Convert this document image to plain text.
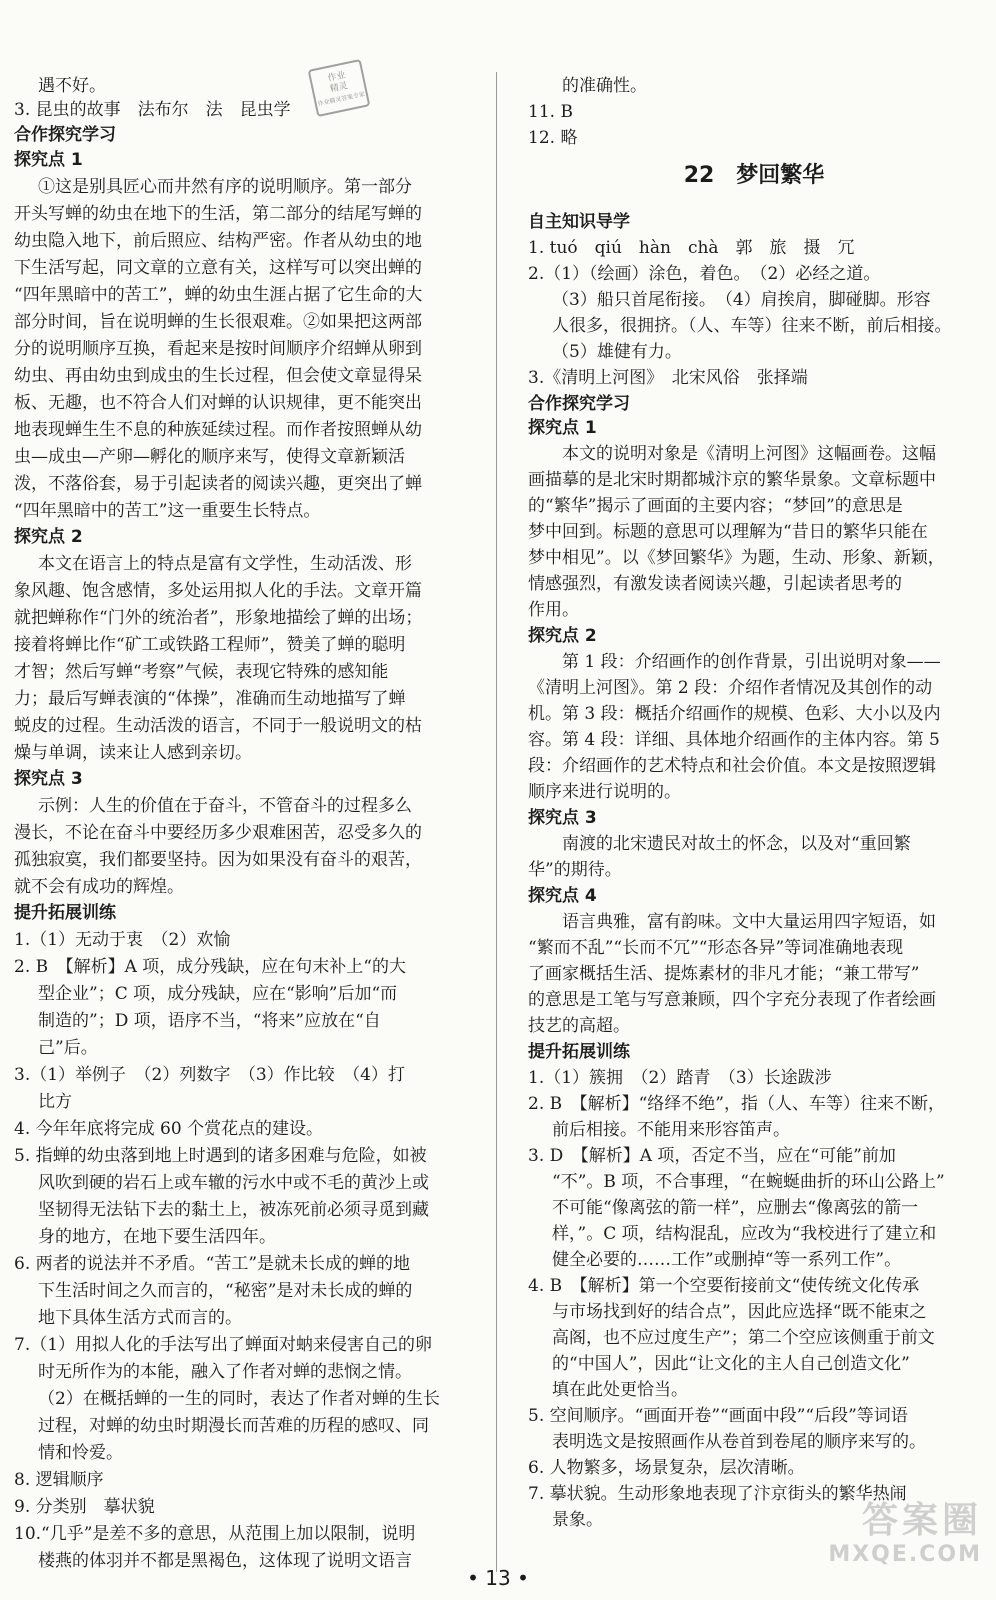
遇不好。
3. 昆虫的故事　法布尔　法　昆虫学
合作探究学习
探究点 1
①这是别具匠心而井然有序的说明顺序。第一部分
开头写蝉的幼虫在地下的生活，第二部分的结尾写蝉的
幼虫隐入地下，前后照应、结构严密。作者从幼虫的地
下生活写起，同文章的立意有关，这样写可以突出蝉的
“四年黑暗中的苦工”，蝉的幼虫生涯占据了它生命的大
部分时间，旨在说明蝉的生长很艰难。②如果把这两部
分的说明顺序互换，看起来是按时间顺序介绍蝉从卵到
幼虫、再由幼虫到成虫的生长过程，但会使文章显得呆
板、无趣，也不符合人们对蝉的认识规律，更不能突出
地表现蝉生生不息的种族延续过程。而作者按照蝉从幼
虫—成虫—产卵—孵化的顺序来写，使得文章新颖活
泼，不落俗套，易于引起读者的阅读兴趣，更突出了蝉
“四年黑暗中的苦工”这一重要生长特点。
探究点 2
本文在语言上的特点是富有文学性，生动活泼、形
象风趣、饱含感情，多处运用拟人化的手法。文章开篇
就把蝉称作“门外的统治者”，形象地描绘了蝉的出场；
接着将蝉比作“矿工或铁路工程师”，赞美了蝉的聪明
才智；然后写蝉“考察”气候，表现它特殊的感知能
力；最后写蝉表演的“体操”，准确而生动地描写了蝉
蜕皮的过程。生动活泼的语言，不同于一般说明文的枯
燥与单调，读来让人感到亲切。
探究点 3
示例：人生的价值在于奋斗，不管奋斗的过程多么
漫长，不论在奋斗中要经历多少艰难困苦，忍受多久的
孤独寂寞，我们都要坚持。因为如果没有奋斗的艰苦，
就不会有成功的辉煌。
提升拓展训练
1.（1）无动于衷　（2）欢愉
2. B　【解析】A 项，成分残缺，应在句末补上“的大
型企业”；C 项，成分残缺，应在“影响”后加“而
制造的”；D 项，语序不当，“将来”应放在“自
己”后。
3.（1）举例子　（2）列数字　（3）作比较　（4）打
比方
4. 今年年底将完成 60 个赏花点的建设。
5. 指蝉的幼虫落到地上时遇到的诸多困难与危险，如被
风吹到硬的岩石上或车辙的污水中或不毛的黄沙上或
坚韧得无法钻下去的黏土上，被冻死前必须寻觅到藏
身的地方，在地下要生活四年。
6. 两者的说法并不矛盾。“苦工”是就未长成的蝉的地
下生活时间之久而言的，“秘密”是对未长成的蝉的
地下具体生活方式而言的。
7.（1）用拟人化的手法写出了蝉面对蚋来侵害自己的卵
时无所作为的本能，融入了作者对蝉的悲悯之情。
（2）在概括蝉的一生的同时，表达了作者对蝉的生长
过程，对蝉的幼虫时期漫长而苦难的历程的感叹、同
情和怜爱。
8. 逻辑顺序
9. 分类别　摹状貌
10.“几乎”是差不多的意思，从范围上加以限制，说明
楼燕的体羽并不都是黑褐色，这体现了说明文语言
的准确性。
11. B
12. 略
22　梦回繁华
自主知识导学
1. tuó　qiú　hàn　chà　郭　旅　摄　冗
2.（1）（绘画）涂色，着色。　（2）必经之道。
（3）船只首尾衔接。　（4）肩挨肩，脚碰脚。形容
人很多，很拥挤。（人、车等）往来不断，前后相接。
（5）雄健有力。
3.《清明上河图》　北宋风俗　张择端
合作探究学习
探究点 1
本文的说明对象是《清明上河图》这幅画卷。这幅
画描摹的是北宋时期都城汴京的繁华景象。文章标题中
的“繁华”揭示了画面的主要内容；“梦回”的意思是
梦中回到。标题的意思可以理解为“昔日的繁华只能在
梦中相见”。以《梦回繁华》为题，生动、形象、新颖，
情感强烈，有激发读者阅读兴趣，引起读者思考的
作用。
探究点 2
第 1 段：介绍画作的创作背景，引出说明对象——
《清明上河图》。第 2 段：介绍作者情况及其创作的动
机。第 3 段：概括介绍画作的规模、色彩、大小以及内
容。第 4 段：详细、具体地介绍画作的主体内容。第 5
段：介绍画作的艺术特点和社会价值。本文是按照逻辑
顺序来进行说明的。
探究点 3
南渡的北宋遗民对故土的怀念，以及对“重回繁
华”的期待。
探究点 4
语言典雅，富有韵味。文中大量运用四字短语，如
“繁而不乱”“长而不冗”“形态各异”等词准确地表现
了画家概括生活、提炼素材的非凡才能；“兼工带写”
的意思是工笔与写意兼顾，四个字充分表现了作者绘画
技艺的高超。
提升拓展训练
1.（1）簇拥　（2）踏青　（3）长途跋涉
2. B　【解析】“络绎不绝”，指（人、车等）往来不断，
前后相接。不能用来形容笛声。
3. D　【解析】A 项，否定不当，应在“可能”前加
“不”。B 项，不合事理，“在蜿蜒曲折的环山公路上”
不可能“像离弦的箭一样”，应删去“像离弦的箭一
样，”。C 项，结构混乱，应改为“我校进行了建立和
健全必要的……工作”或删掉“等一系列工作”。
4. B　【解析】第一个空要衔接前文“使传统文化传承
与市场找到好的结合点”，因此应选择“既不能束之
高阁，也不应过度生产”；第二个空应该侧重于前文
的“中国人”，因此“让文化的主人自己创造文化”
填在此处更恰当。
5. 空间顺序。“画面开卷”“画面中段”“后段”等词语
表明选文是按照画作从卷首到卷尾的顺序来写的。
6. 人物繁多，场景复杂，层次清晰。
7. 摹状貌。生动形象地表现了汴京街头的繁华热闹
景象。
作业
精灵
作业精灵答案专家
答案圈
MXQE.COM
• 13 •
